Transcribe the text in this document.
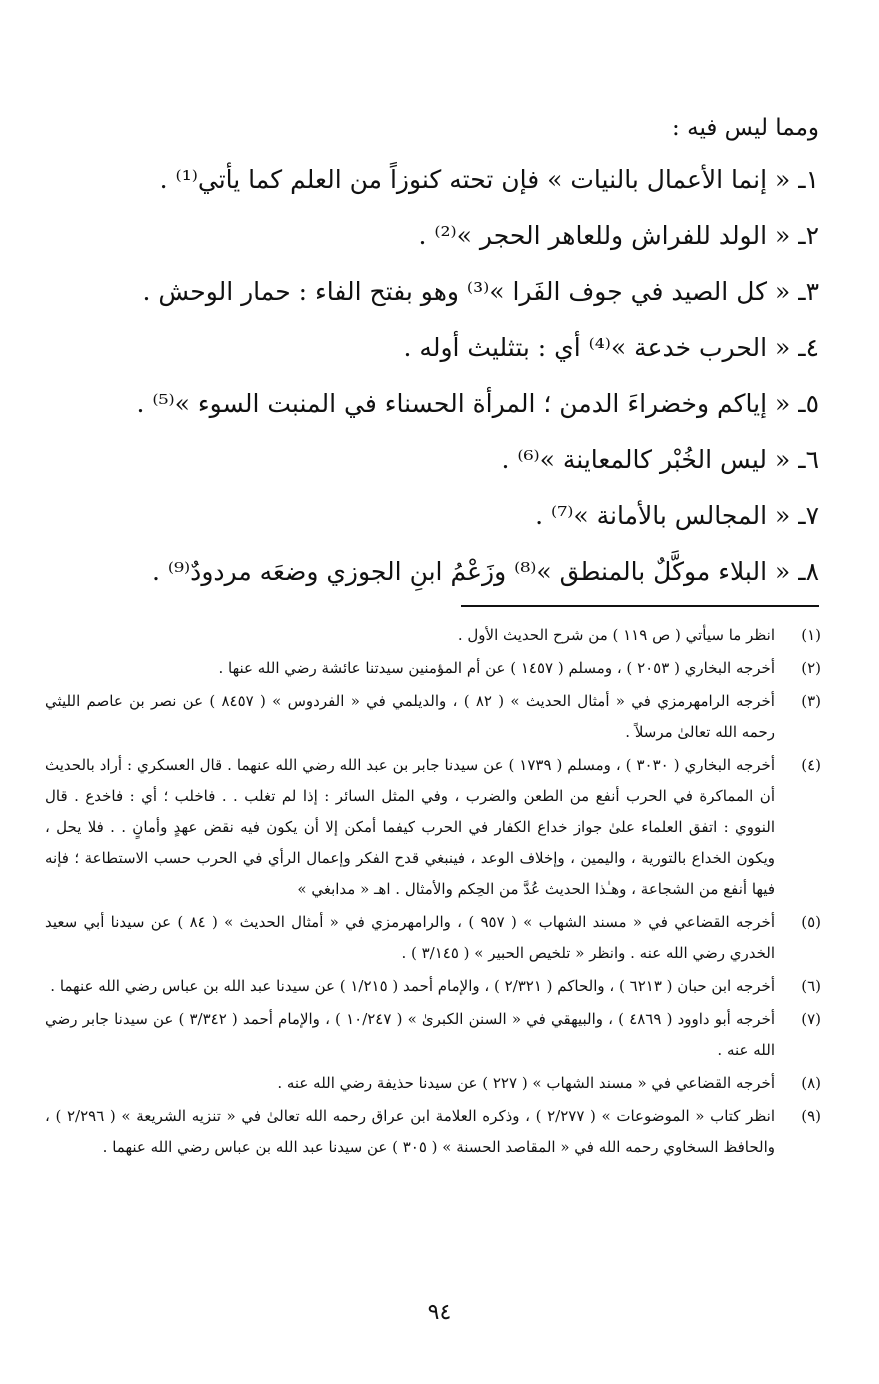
ومما ليس فيه :

١ـ « إنما الأعمال بالنيات » فإن تحته كنوزاً من العلم كما يأتي⁽¹⁾ .

٢ـ « الولد للفراش وللعاهر الحجر »⁽²⁾ .

٣ـ « كل الصيد في جوف الفَرا »⁽³⁾ وهو بفتح الفاء : حمار الوحش .

٤ـ « الحرب خدعة »⁽⁴⁾ أي : بتثليث أوله .

٥ـ « إياكم وخضراءَ الدمن ؛ المرأة الحسناء في المنبت السوء »⁽⁵⁾ .

٦ـ « ليس الخُبْر كالمعاينة »⁽⁶⁾ .

٧ـ « المجالس بالأمانة »⁽⁷⁾ .

٨ـ « البلاء موكَّلٌ بالمنطق »⁽⁸⁾ وزَعْمُ ابنِ الجوزي وضعَه مردودٌ⁽⁹⁾ .

(١)
انظر ما سيأتي ( ص ١١٩ ) من شرح الحديث الأول .
(٢)
أخرجه البخاري ( ٢٠٥٣ ) ، ومسلم ( ١٤٥٧ ) عن أم المؤمنين سيدتنا عائشة رضي الله عنها .
(٣)
أخرجه الرامهرمزي في « أمثال الحديث » ( ٨٢ ) ، والديلمي في « الفردوس » ( ٨٤٥٧ ) عن نصر بن عاصم الليثي رحمه الله تعالىٰ مرسلاً .
(٤)
أخرجه البخاري ( ٣٠٣٠ ) ، ومسلم ( ١٧٣٩ ) عن سيدنا جابر بن عبد الله رضي الله عنهما . قال العسكري : أراد بالحديث أن المماكرة في الحرب أنفع من الطعن والضرب ، وفي المثل السائر : إذا لم تغلب . . فاخلب ؛ أي : فاخدع . قال النووي : اتفق العلماء علىٰ جواز خداع الكفار في الحرب كيفما أمكن إلا أن يكون فيه نقض عهدٍ وأمانٍ . . فلا يحل ، ويكون الخداع بالتورية ، واليمين ، وإخلاف الوعد ، فينبغي قدح الفكر وإعمال الرأي في الحرب حسب الاستطاعة ؛ فإنه فيها أنفع من الشجاعة ، وهـٰذا الحديث عُدَّ من الحِكم والأمثال . اهـ « مدابغي »
(٥)
أخرجه القضاعي في « مسند الشهاب » ( ٩٥٧ ) ، والرامهرمزي في « أمثال الحديث » ( ٨٤ ) عن سيدنا أبي سعيد الخدري رضي الله عنه . وانظر « تلخيص الحبير » ( ٣/١٤٥ ) .
(٦)
أخرجه ابن حبان ( ٦٢١٣ ) ، والحاكم ( ٢/٣٢١ ) ، والإمام أحمد ( ١/٢١٥ ) عن سيدنا عبد الله بن عباس رضي الله عنهما .
(٧)
أخرجه أبو داوود ( ٤٨٦٩ ) ، والبيهقي في « السنن الكبرىٰ » ( ١٠/٢٤٧ ) ، والإمام أحمد ( ٣/٣٤٢ ) عن سيدنا جابر رضي الله عنه .
(٨)
أخرجه القضاعي في « مسند الشهاب » ( ٢٢٧ ) عن سيدنا حذيفة رضي الله عنه .
(٩)
انظر كتاب « الموضوعات » ( ٢/٢٧٧ ) ، وذكره العلامة ابن عراق رحمه الله تعالىٰ في « تنزيه الشريعة » ( ٢/٢٩٦ ) ، والحافظ السخاوي رحمه الله في « المقاصد الحسنة » ( ٣٠٥ ) عن سيدنا عبد الله بن عباس رضي الله عنهما .
٩٤
